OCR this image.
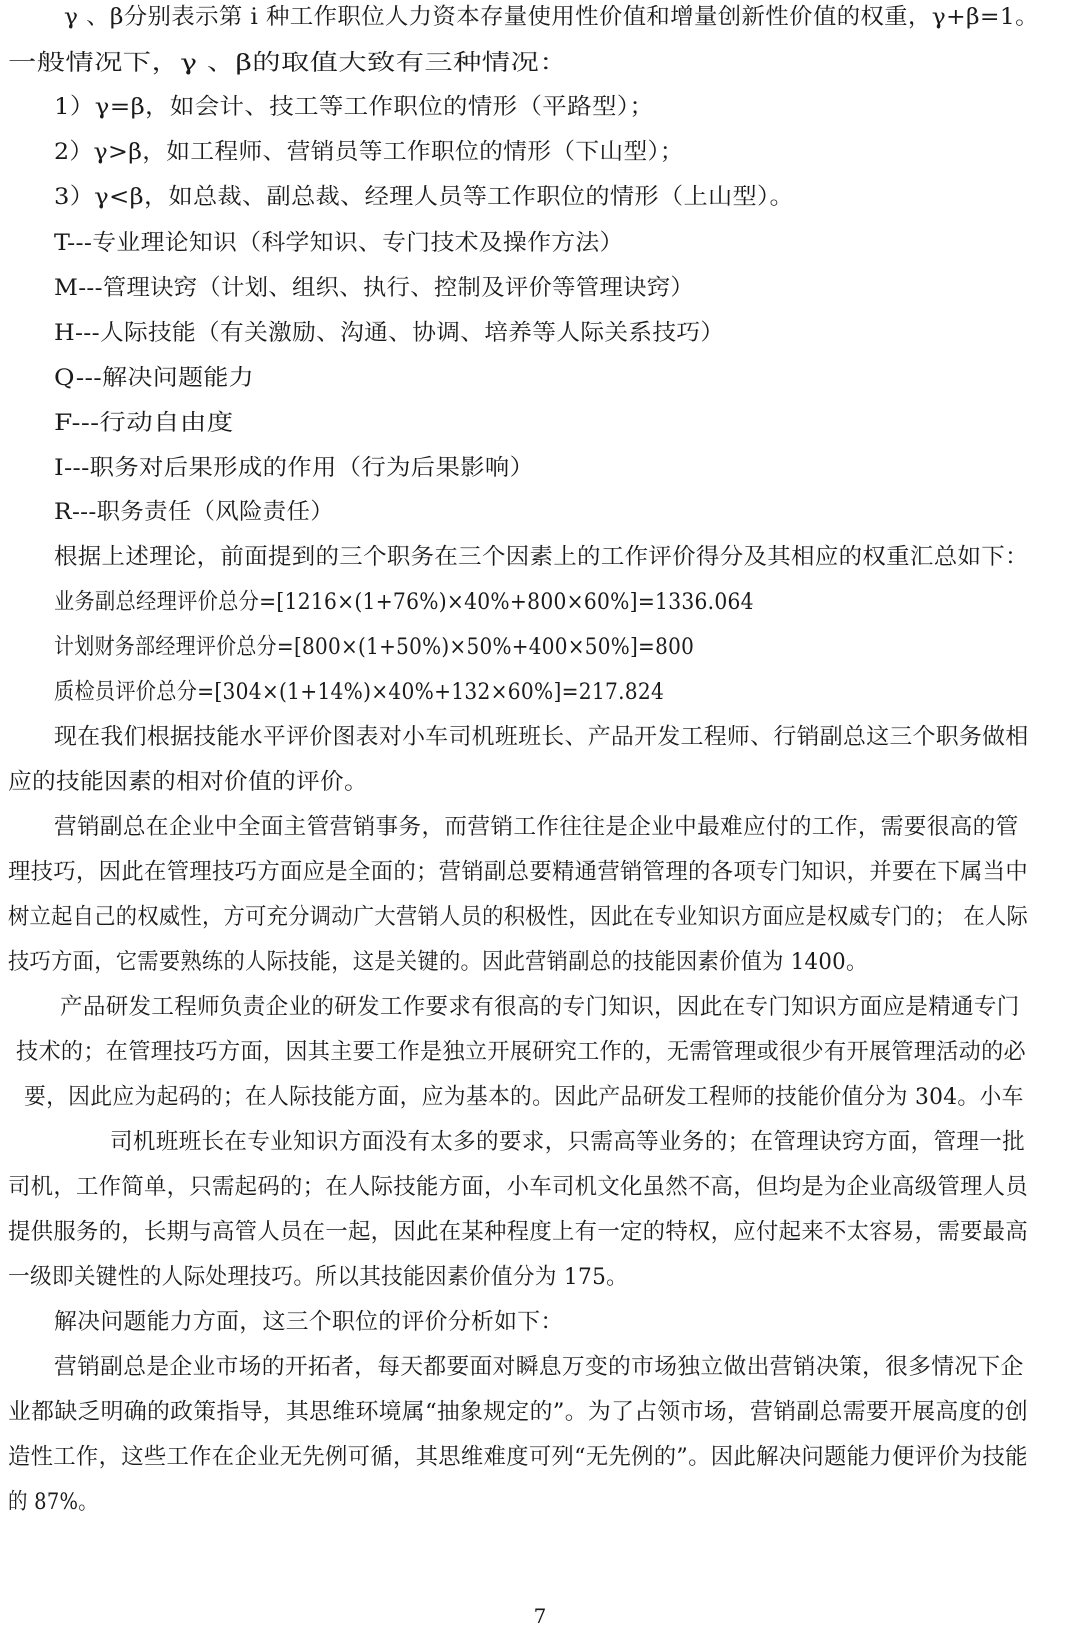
γ 、β分别表示第 i 种工作职位人力资本存量使用性价值和增量创新性价值的权重，γ+β=1。
一般情况下，γ 、β的取值大致有三种情况：
1）γ=β，如会计、技工等工作职位的情形（平路型）；
2）γ>β，如工程师、营销员等工作职位的情形（下山型）；
3）γ<β，如总裁、副总裁、经理人员等工作职位的情形（上山型）。
T---专业理论知识（科学知识、专门技术及操作方法）
M---管理诀窍（计划、组织、执行、控制及评价等管理诀窍）
H---人际技能（有关激励、沟通、协调、培养等人际关系技巧）
Q---解决问题能力
F---行动自由度
I---职务对后果形成的作用（行为后果影响）
R---职务责任（风险责任）
根据上述理论，前面提到的三个职务在三个因素上的工作评价得分及其相应的权重汇总如下：
业务副总经理评价总分=[1216×(1+76%)×40%+800×60%]=1336.064
计划财务部经理评价总分=[800×(1+50%)×50%+400×50%]=800
质检员评价总分=[304×(1+14%)×40%+132×60%]=217.824
现在我们根据技能水平评价图表对小车司机班班长、产品开发工程师、行销副总这三个职务做相
应的技能因素的相对价值的评价。
营销副总在企业中全面主管营销事务，而营销工作往往是企业中最难应付的工作，需要很高的管
理技巧，因此在管理技巧方面应是全面的；营销副总要精通营销管理的各项专门知识，并要在下属当中
树立起自己的权威性，方可充分调动广大营销人员的积极性，因此在专业知识方面应是权威专门的； 在人际
技巧方面，它需要熟练的人际技能，这是关键的。因此营销副总的技能因素价值为 1400。
产品研发工程师负责企业的研发工作要求有很高的专门知识，因此在专门知识方面应是精通专门
技术的；在管理技巧方面，因其主要工作是独立开展研究工作的，无需管理或很少有开展管理活动的必
要，因此应为起码的；在人际技能方面，应为基本的。因此产品研发工程师的技能价值分为 304。小车
司机班班长在专业知识方面没有太多的要求，只需高等业务的；在管理诀窍方面，管理一批
司机，工作简单，只需起码的；在人际技能方面，小车司机文化虽然不高，但均是为企业高级管理人员
提供服务的，长期与高管人员在一起，因此在某种程度上有一定的特权，应付起来不太容易，需要最高
一级即关键性的人际处理技巧。所以其技能因素价值分为 175。
解决问题能力方面，这三个职位的评价分析如下：
营销副总是企业市场的开拓者，每天都要面对瞬息万变的市场独立做出营销决策，很多情况下企
业都缺乏明确的政策指导，其思维环境属“抽象规定的”。为了占领市场，营销副总需要开展高度的创
造性工作，这些工作在企业无先例可循，其思维难度可列“无先例的”。因此解决问题能力便评价为技能
的 87%。
7
